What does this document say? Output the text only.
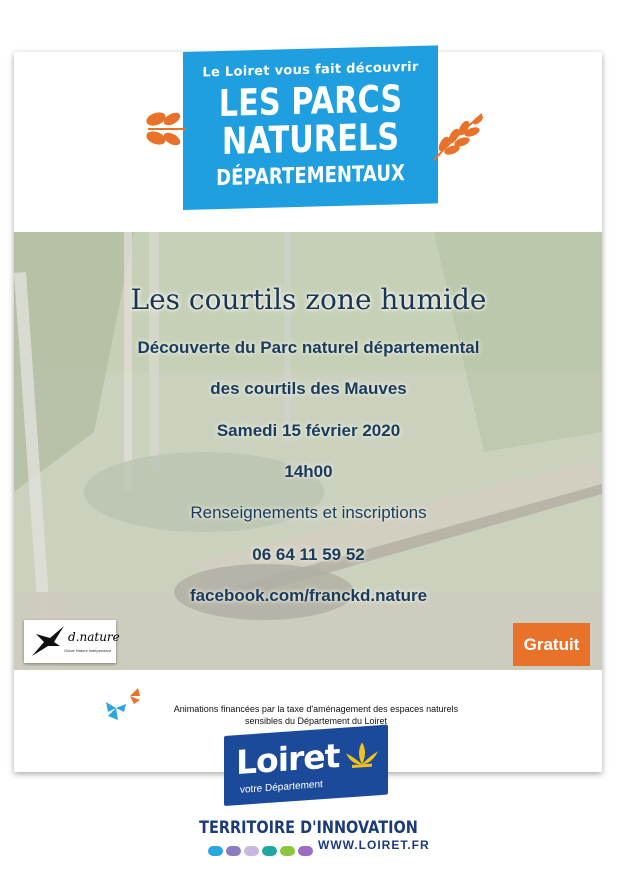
Le Loiret vous fait découvrir
LES PARCS
NATURELS
DÉPARTEMENTAUX
Les courtils zone humide
Découverte du Parc naturel départemental
des courtils des Mauves
Samedi 15 février 2020
14h00
Renseignements et inscriptions
06 64 11 59 52
facebook.com/franckd.nature
d.nature
Guide Nature indépendant	Gratuit
Animations financées par la taxe d'aménagement des espaces naturels
sensibles du Département du Loiret
Loiret
votre Département
TERRITOIRE D'INNOVATION
WWW.LOIRET.FR
